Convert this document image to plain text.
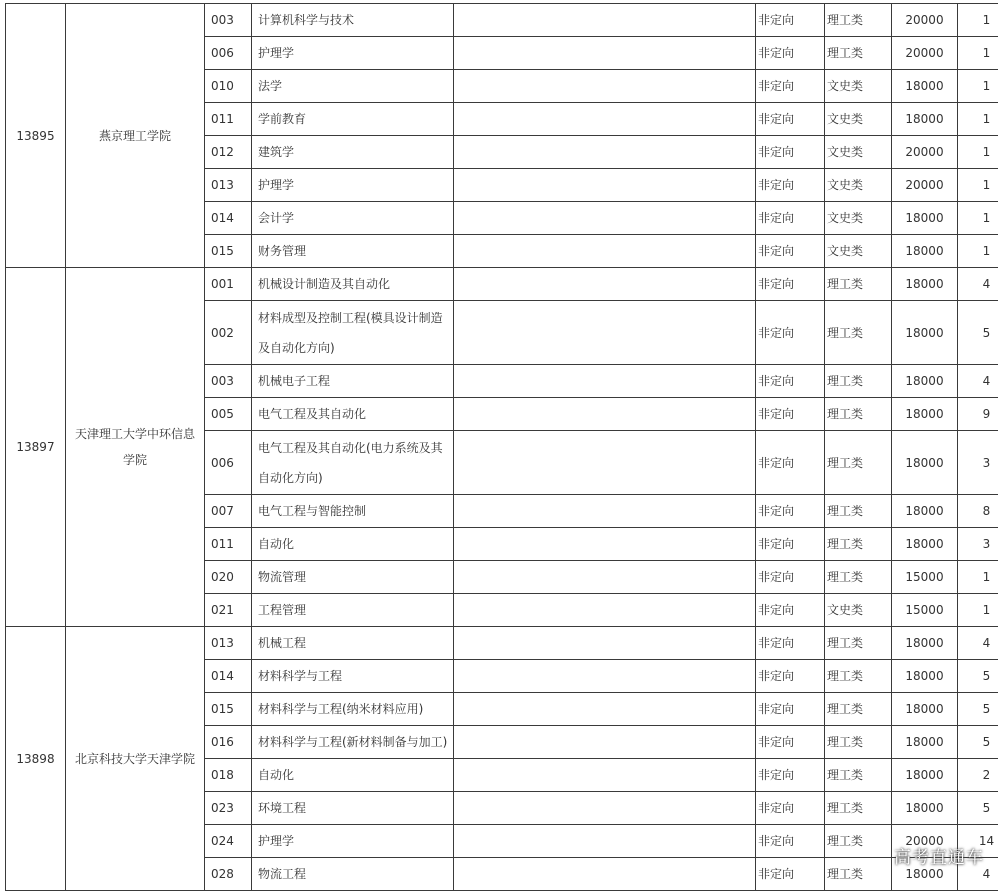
13895	燕京理工学院	003	计算机科学与技术		非定向	理工类	20000	1
		006	护理学		非定向	理工类	20000	1
		010	法学		非定向	文史类	18000	1
		011	学前教育		非定向	文史类	18000	1
		012	建筑学		非定向	文史类	20000	1
		013	护理学		非定向	文史类	20000	1
		014	会计学		非定向	文史类	18000	1
		015	财务管理		非定向	文史类	18000	1
13897	天津理工大学中环信息学院	001	机械设计制造及其自动化		非定向	理工类	18000	4
		002	材料成型及控制工程(模具设计制造及自动化方向)		非定向	理工类	18000	5
		003	机械电子工程		非定向	理工类	18000	4
		005	电气工程及其自动化		非定向	理工类	18000	9
		006	电气工程及其自动化(电力系统及其自动化方向)		非定向	理工类	18000	3
		007	电气工程与智能控制		非定向	理工类	18000	8
		011	自动化		非定向	理工类	18000	3
		020	物流管理		非定向	理工类	15000	1
		021	工程管理		非定向	文史类	15000	1
13898	北京科技大学天津学院	013	机械工程		非定向	理工类	18000	4
		014	材料科学与工程		非定向	理工类	18000	5
		015	材料科学与工程(纳米材料应用)		非定向	理工类	18000	5
		016	材料科学与工程(新材料制备与加工)		非定向	理工类	18000	5
		018	自动化		非定向	理工类	18000	2
		023	环境工程		非定向	理工类	18000	5
		024	护理学		非定向	理工类	20000	14
		028	物流工程		非定向	理工类	18000	4
高考直通车
